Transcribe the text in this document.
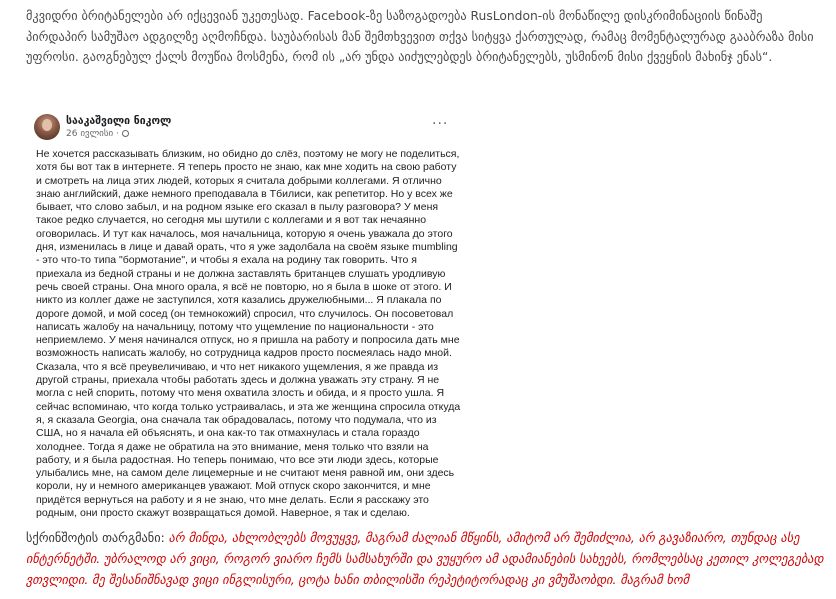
მკვიდრი ბრიტანელები არ იქცევიან უკეთესად. Facebook-ზე საზოგადოება RusLondon-ის მონაწილე დისკრიმინაციის წინაშე პირდაპირ სამუშაო ადგილზე აღმოჩნდა. საუბარისას მან შემთხვევით თქვა სიტყვა ქართულად, რამაც მომენტალურად გააბრაზა მისი უფროსი. გაოგნებულ ქალს მოუწია მოსმენა, რომ ის „არ უნდა აიძულებდეს ბრიტანელებს, უსმინონ მისი ქვეყნის მახინჯ ენას“.

სააკაშვილი ნიკოლ
26 ივლისი ·
···

Не хочется рассказывать близким, но обидно до слёз, поэтому не могу не поделиться, хотя бы вот так в интернете. Я теперь просто не знаю, как мне ходить на свою работу и смотреть на лица этих людей, которых я считала добрыми коллегами. Я отлично знаю английский, даже немного преподавала в Тбилиси, как репетитор. Но у всех же бывает, что слово забыл, и на родном языке его сказал в пылу разговора? У меня такое редко случается, но сегодня мы шутили с коллегами и я вот так нечаянно оговорилась. И тут как началось, моя начальница, которую я очень уважала до этого дня, изменилась в лице и давай орать, что я уже задолбала на своём языке mumbling - это что-то типа "бормотание", и чтобы я ехала на родину так говорить. Что я приехала из бедной страны и не должна заставлять британцев слушать уродливую речь своей страны. Она много орала, я всё не повторю, но я была в шоке от этого. И никто из коллег даже не заступился, хотя казались дружелюбными... Я плакала по дороге домой, и мой сосед (он темнокожий) спросил, что случилось. Он посоветовал написать жалобу на начальницу, потому что ущемление по национальности - это неприемлемо. У меня начинался отпуск, но я пришла на работу и попросила дать мне возможность написать жалобу, но сотрудница кадров просто посмеялась надо мной. Сказала, что я всё преувеличиваю, и что нет никакого ущемления, я же правда из другой страны, приехала чтобы работать здесь и должна уважать эту страну. Я не могла с ней спорить, потому что меня охватила злость и обида, и я просто ушла. Я сейчас вспоминаю, что когда только устраивалась, и эта же женщина спросила откуда я, я сказала Georgia, она сначала так обрадовалась, потому что подумала, что из США, но я начала ей объяснять, и она как-то так отмахнулась и стала гораздо холоднее. Тогда я даже не обратила на это внимание, меня только что взяли на работу, и я была радостная. Но теперь понимаю, что все эти люди здесь, которые улыбались мне, на самом деле лицемерные и не считают меня равной им, они здесь короли, ну и немного американцев уважают. Мой отпуск скоро закончится, и мне придётся вернуться на работу и я не знаю, что мне делать. Если я расскажу это родным, они просто скажут возвращаться домой. Наверное, я так и сделаю.

სქრინშოტის თარგმანი: არ მინდა, ახლობლებს მოვუყვე, მაგრამ ძალიან მწყინს, ამიტომ არ შემიძლია, არ გავაზიარო, თუნდაც ასე ინტერნეტში. უბრალოდ არ ვიცი, როგორ ვიარო ჩემს სამსახურში და ვუყურო ამ ადამიანების სახეებს, რომლებსაც კეთილ კოლეგებად ვთვლიდი. მე შესანიშნავად ვიცი ინგლისური, ცოტა ხანი თბილისში რეპეტიტორადაც კი ვმუშაობდი. მაგრამ ხომ
